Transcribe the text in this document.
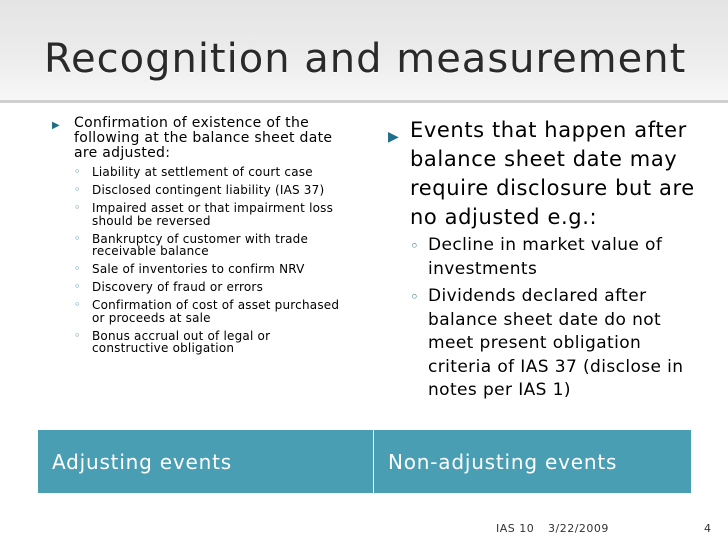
Recognition and measurement
▶ Confirmation of existence of the following at the balance sheet date are adjusted:
◦ Liability at settlement of court case
◦ Disclosed contingent liability (IAS 37)
◦ Impaired asset or that impairment loss should be reversed
◦ Bankruptcy of customer with trade receivable balance
◦ Sale of inventories to confirm NRV
◦ Discovery of fraud or errors
◦ Confirmation of cost of asset purchased or proceeds at sale
◦ Bonus accrual out of legal or constructive obligation
▶ Events that happen after balance sheet date may require disclosure but are no adjusted e.g.:
◦ Decline in market value of investments
◦ Dividends declared after balance sheet date do not meet present obligation criteria of IAS 37 (disclose in notes per IAS 1)
Adjusting events	Non-adjusting events
IAS 10 3/22/2009	4
